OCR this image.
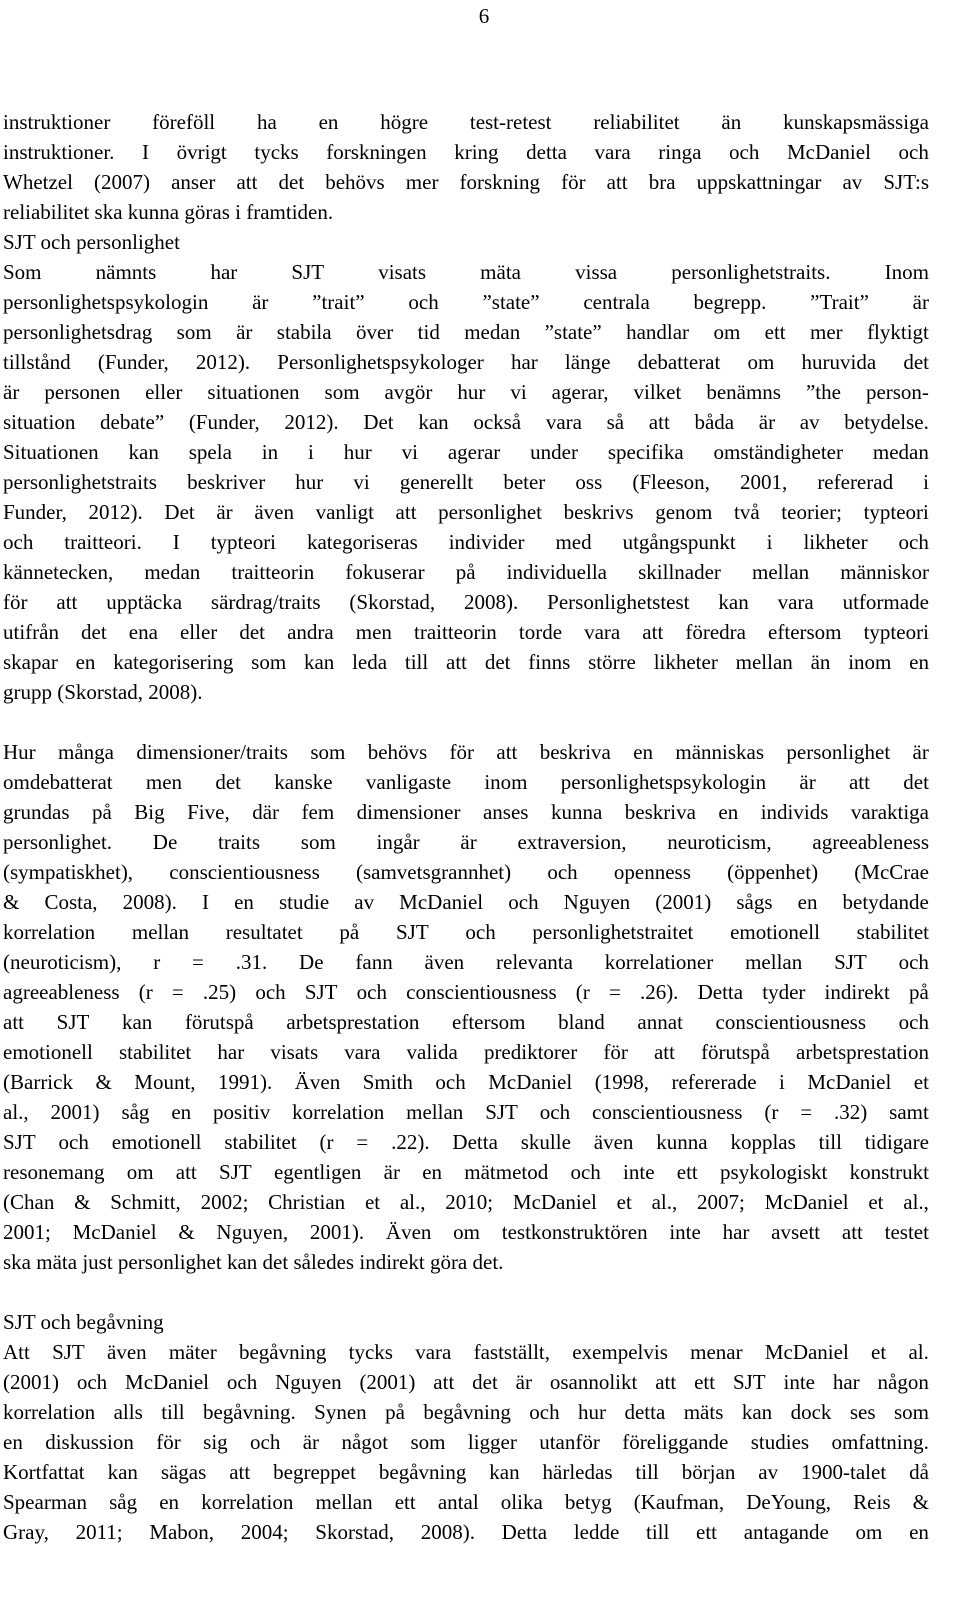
6
instruktioner föreföll ha en högre test-retest reliabilitet än kunskapsmässiga
instruktioner. I övrigt tycks forskningen kring detta vara ringa och McDaniel och
Whetzel (2007) anser att det behövs mer forskning för att bra uppskattningar av SJT:s
reliabilitet ska kunna göras i framtiden.
SJT och personlighet
Som	nämnts	har	SJT	visats	mäta	vissa	personlighetstraits.	Inom
personlighetspsykologin är ”trait” och ”state” centrala begrepp. ”Trait” är
personlighetsdrag som är stabila över tid medan ”state” handlar om ett mer flyktigt
tillstånd (Funder, 2012). Personlighetspsykologer har länge debatterat om huruvida det
är personen eller situationen som avgör hur vi agerar, vilket benämns ”the person-
situation debate” (Funder, 2012). Det kan också vara så att båda är av betydelse.
Situationen kan spela in i hur vi agerar under specifika omständigheter medan
personlighetstraits beskriver hur vi generellt beter oss (Fleeson, 2001, refererad i
Funder, 2012). Det är även vanligt att personlighet beskrivs genom två teorier; typteori
och traitteori. I typteori kategoriseras individer med utgångspunkt i likheter och
kännetecken, medan traitteorin fokuserar på individuella skillnader mellan människor
för att upptäcka särdrag/traits (Skorstad, 2008). Personlighetstest kan vara utformade
utifrån det ena eller det andra men traitteorin torde vara att föredra eftersom typteori
skapar en kategorisering som kan leda till att det finns större likheter mellan än inom en
grupp (Skorstad, 2008).
Hur många dimensioner/traits som behövs för att beskriva en människas personlighet är
omdebatterat men det kanske vanligaste inom personlighetspsykologin är att det
grundas på Big Five, där fem dimensioner anses kunna beskriva en individs varaktiga
personlighet. De traits som ingår är extraversion, neuroticism, agreeableness
(sympatiskhet), conscientiousness (samvetsgrannhet) och openness (öppenhet) (McCrae
& Costa, 2008). I en studie av McDaniel och Nguyen (2001) sågs en betydande
korrelation mellan resultatet på SJT och personlighetstraitet emotionell stabilitet
(neuroticism), r = .31. De fann även relevanta korrelationer mellan SJT och
agreeableness (r = .25) och SJT och conscientiousness (r = .26). Detta tyder indirekt på
att SJT kan förutspå arbetsprestation eftersom bland annat conscientiousness och
emotionell stabilitet har visats vara valida prediktorer för att förutspå arbetsprestation
(Barrick & Mount, 1991). Även Smith och McDaniel (1998, refererade i McDaniel et
al., 2001) såg en positiv korrelation mellan SJT och conscientiousness (r = .32) samt
SJT och emotionell stabilitet (r = .22). Detta skulle även kunna kopplas till tidigare
resonemang om att SJT egentligen är en mätmetod och inte ett psykologiskt konstrukt
(Chan & Schmitt, 2002; Christian et al., 2010; McDaniel et al., 2007; McDaniel et al.,
2001; McDaniel & Nguyen, 2001). Även om testkonstruktören inte har avsett att testet
ska mäta just personlighet kan det således indirekt göra det.
SJT och begåvning
Att SJT även mäter begåvning tycks vara fastställt, exempelvis menar McDaniel et al.
(2001) och McDaniel och Nguyen (2001) att det är osannolikt att ett SJT inte har någon
korrelation alls till begåvning. Synen på begåvning och hur detta mäts kan dock ses som
en diskussion för sig och är något som ligger utanför föreliggande studies omfattning.
Kortfattat kan sägas att begreppet begåvning kan härledas till början av 1900-talet då
Spearman såg en korrelation mellan ett antal olika betyg (Kaufman, DeYoung, Reis &
Gray, 2011; Mabon, 2004; Skorstad, 2008). Detta ledde till ett antagande om en
